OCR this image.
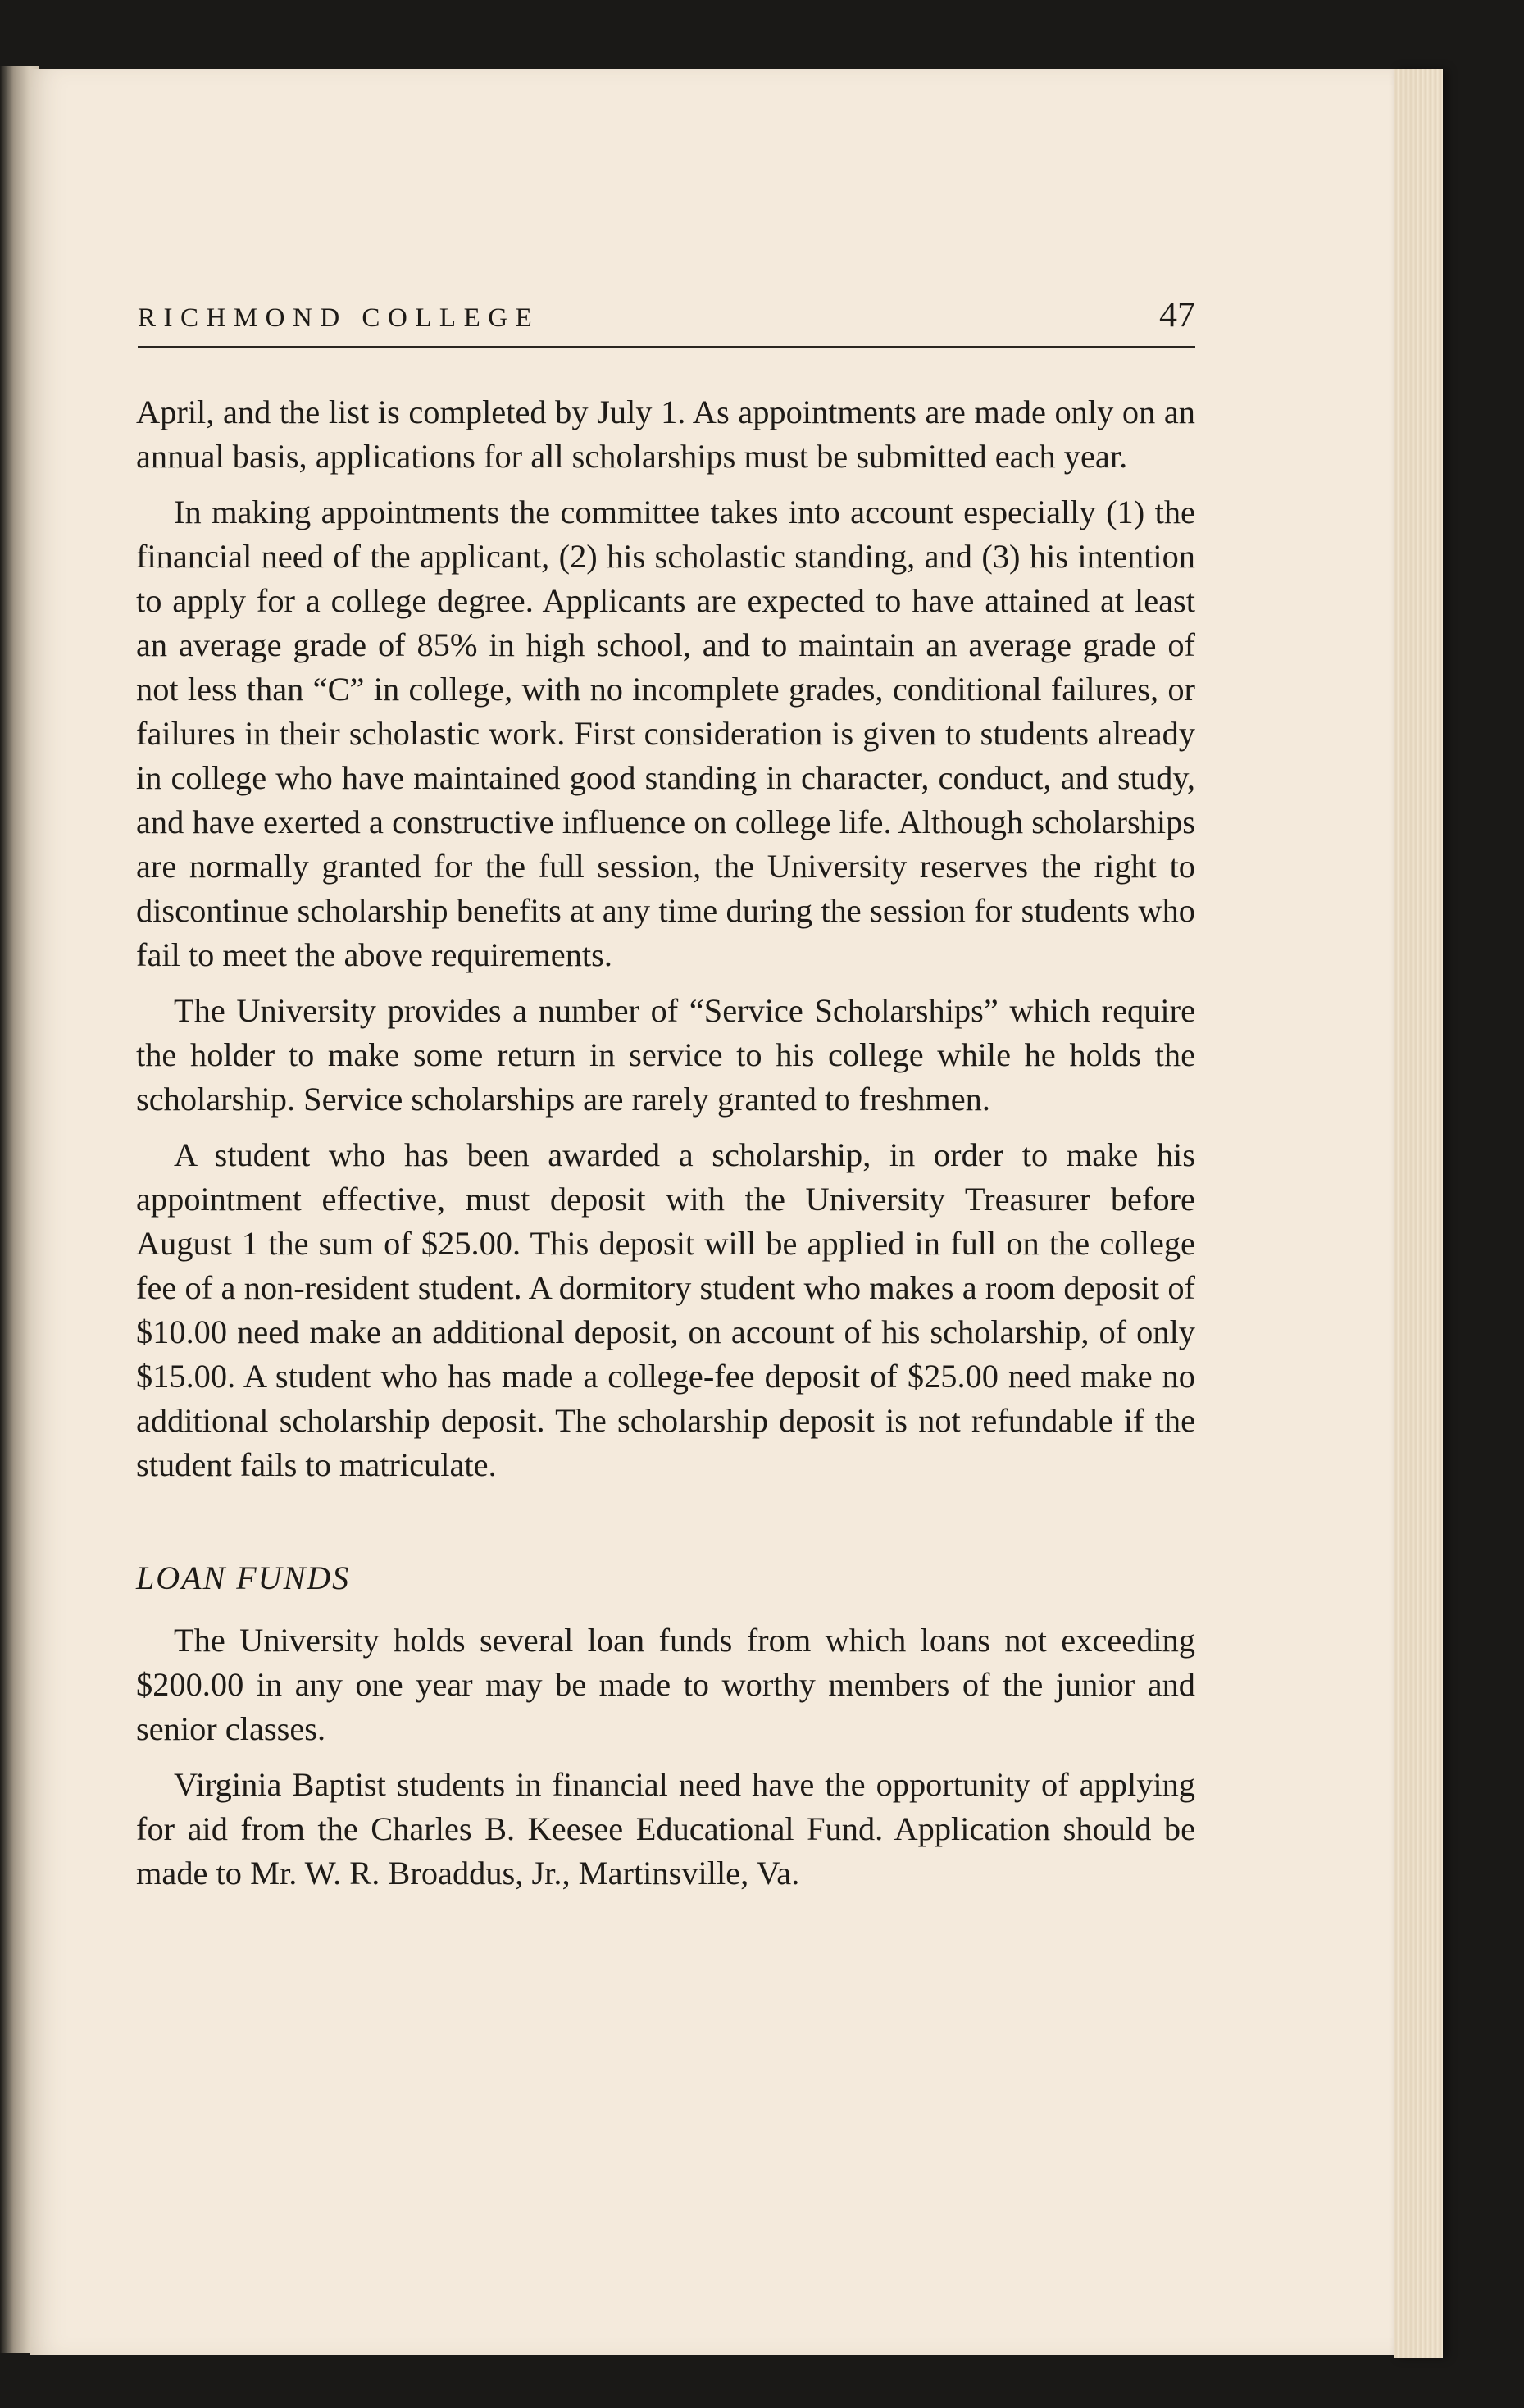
RICHMOND COLLEGE	47

April, and the list is completed by July 1. As appointments are made only on an annual basis, applications for all scholarships must be submitted each year.

In making appointments the committee takes into account especially (1) the financial need of the applicant, (2) his scholastic standing, and (3) his intention to apply for a college degree. Applicants are expected to have attained at least an average grade of 85% in high school, and to maintain an average grade of not less than “C” in college, with no incomplete grades, conditional failures, or failures in their scholastic work. First consideration is given to students already in college who have maintained good standing in character, conduct, and study, and have exerted a constructive influence on college life. Although scholarships are normally granted for the full session, the University reserves the right to discontinue scholarship benefits at any time during the session for students who fail to meet the above requirements.

The University provides a number of “Service Scholarships” which require the holder to make some return in service to his college while he holds the scholarship. Service scholarships are rarely granted to freshmen.

A student who has been awarded a scholarship, in order to make his appointment effective, must deposit with the University Treasurer before August 1 the sum of $25.00. This deposit will be applied in full on the college fee of a non-resident student. A dormitory student who makes a room deposit of $10.00 need make an additional deposit, on account of his scholarship, of only $15.00. A student who has made a college-fee deposit of $25.00 need make no additional scholarship deposit. The scholarship deposit is not refundable if the student fails to matriculate.

LOAN FUNDS

The University holds several loan funds from which loans not exceeding $200.00 in any one year may be made to worthy members of the junior and senior classes.

Virginia Baptist students in financial need have the opportunity of applying for aid from the Charles B. Keesee Educational Fund. Application should be made to Mr. W. R. Broaddus, Jr., Martinsville, Va.
